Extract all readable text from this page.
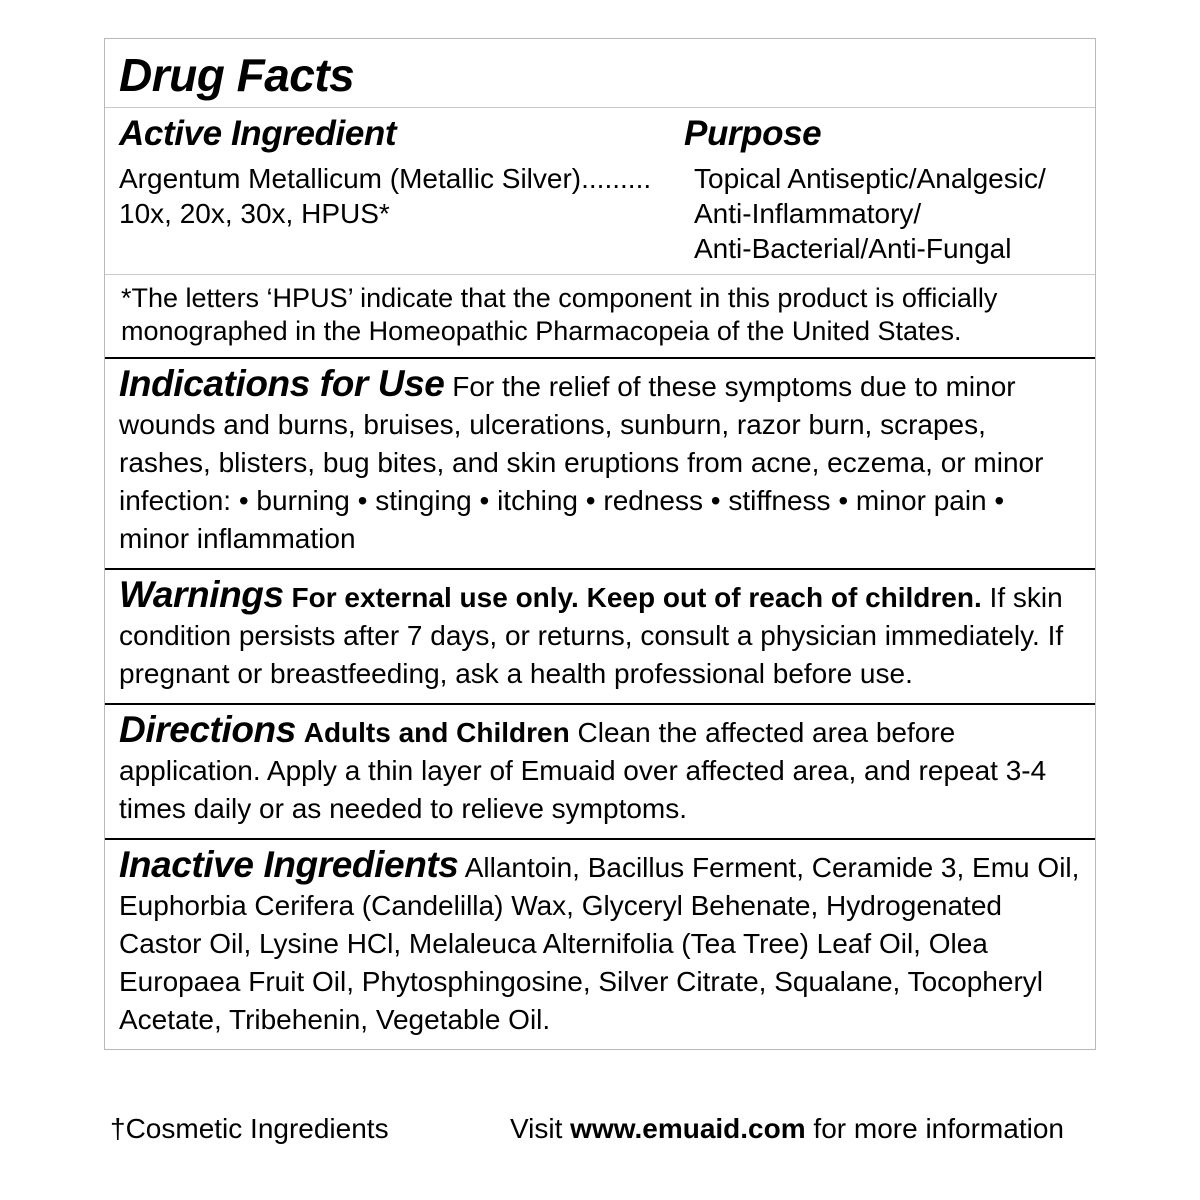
Drug Facts
Active Ingredient	Purpose
Argentum Metallicum (Metallic Silver).........
10x, 20x, 30x, HPUS*
Topical Antiseptic/Analgesic/
Anti-Inflammatory/
Anti-Bacterial/Anti-Fungal
*The letters ‘HPUS’ indicate that the component in this product is officially monographed in the Homeopathic Pharmacopeia of the United States.
Indications for Use For the relief of these symptoms due to minor wounds and burns, bruises, ulcerations, sunburn, razor burn, scrapes, rashes, blisters, bug bites, and skin eruptions from acne, eczema, or minor infection: • burning • stinging • itching • redness • stiffness • minor pain • minor inflammation
Warnings For external use only. Keep out of reach of children. If skin condition persists after 7 days, or returns, consult a physician immediately. If pregnant or breastfeeding, ask a health professional before use.
Directions Adults and Children Clean the affected area before application. Apply a thin layer of Emuaid over affected area, and repeat 3-4 times daily or as needed to relieve symptoms.
Inactive Ingredients Allantoin, Bacillus Ferment, Ceramide 3, Emu Oil, Euphorbia Cerifera (Candelilla) Wax, Glyceryl Behenate, Hydrogenated Castor Oil, Lysine HCl, Melaleuca Alternifolia (Tea Tree) Leaf Oil, Olea Europaea Fruit Oil, Phytosphingosine, Silver Citrate, Squalane, Tocopheryl Acetate, Tribehenin, Vegetable Oil.
†Cosmetic Ingredients	Visit www.emuaid.com for more information
